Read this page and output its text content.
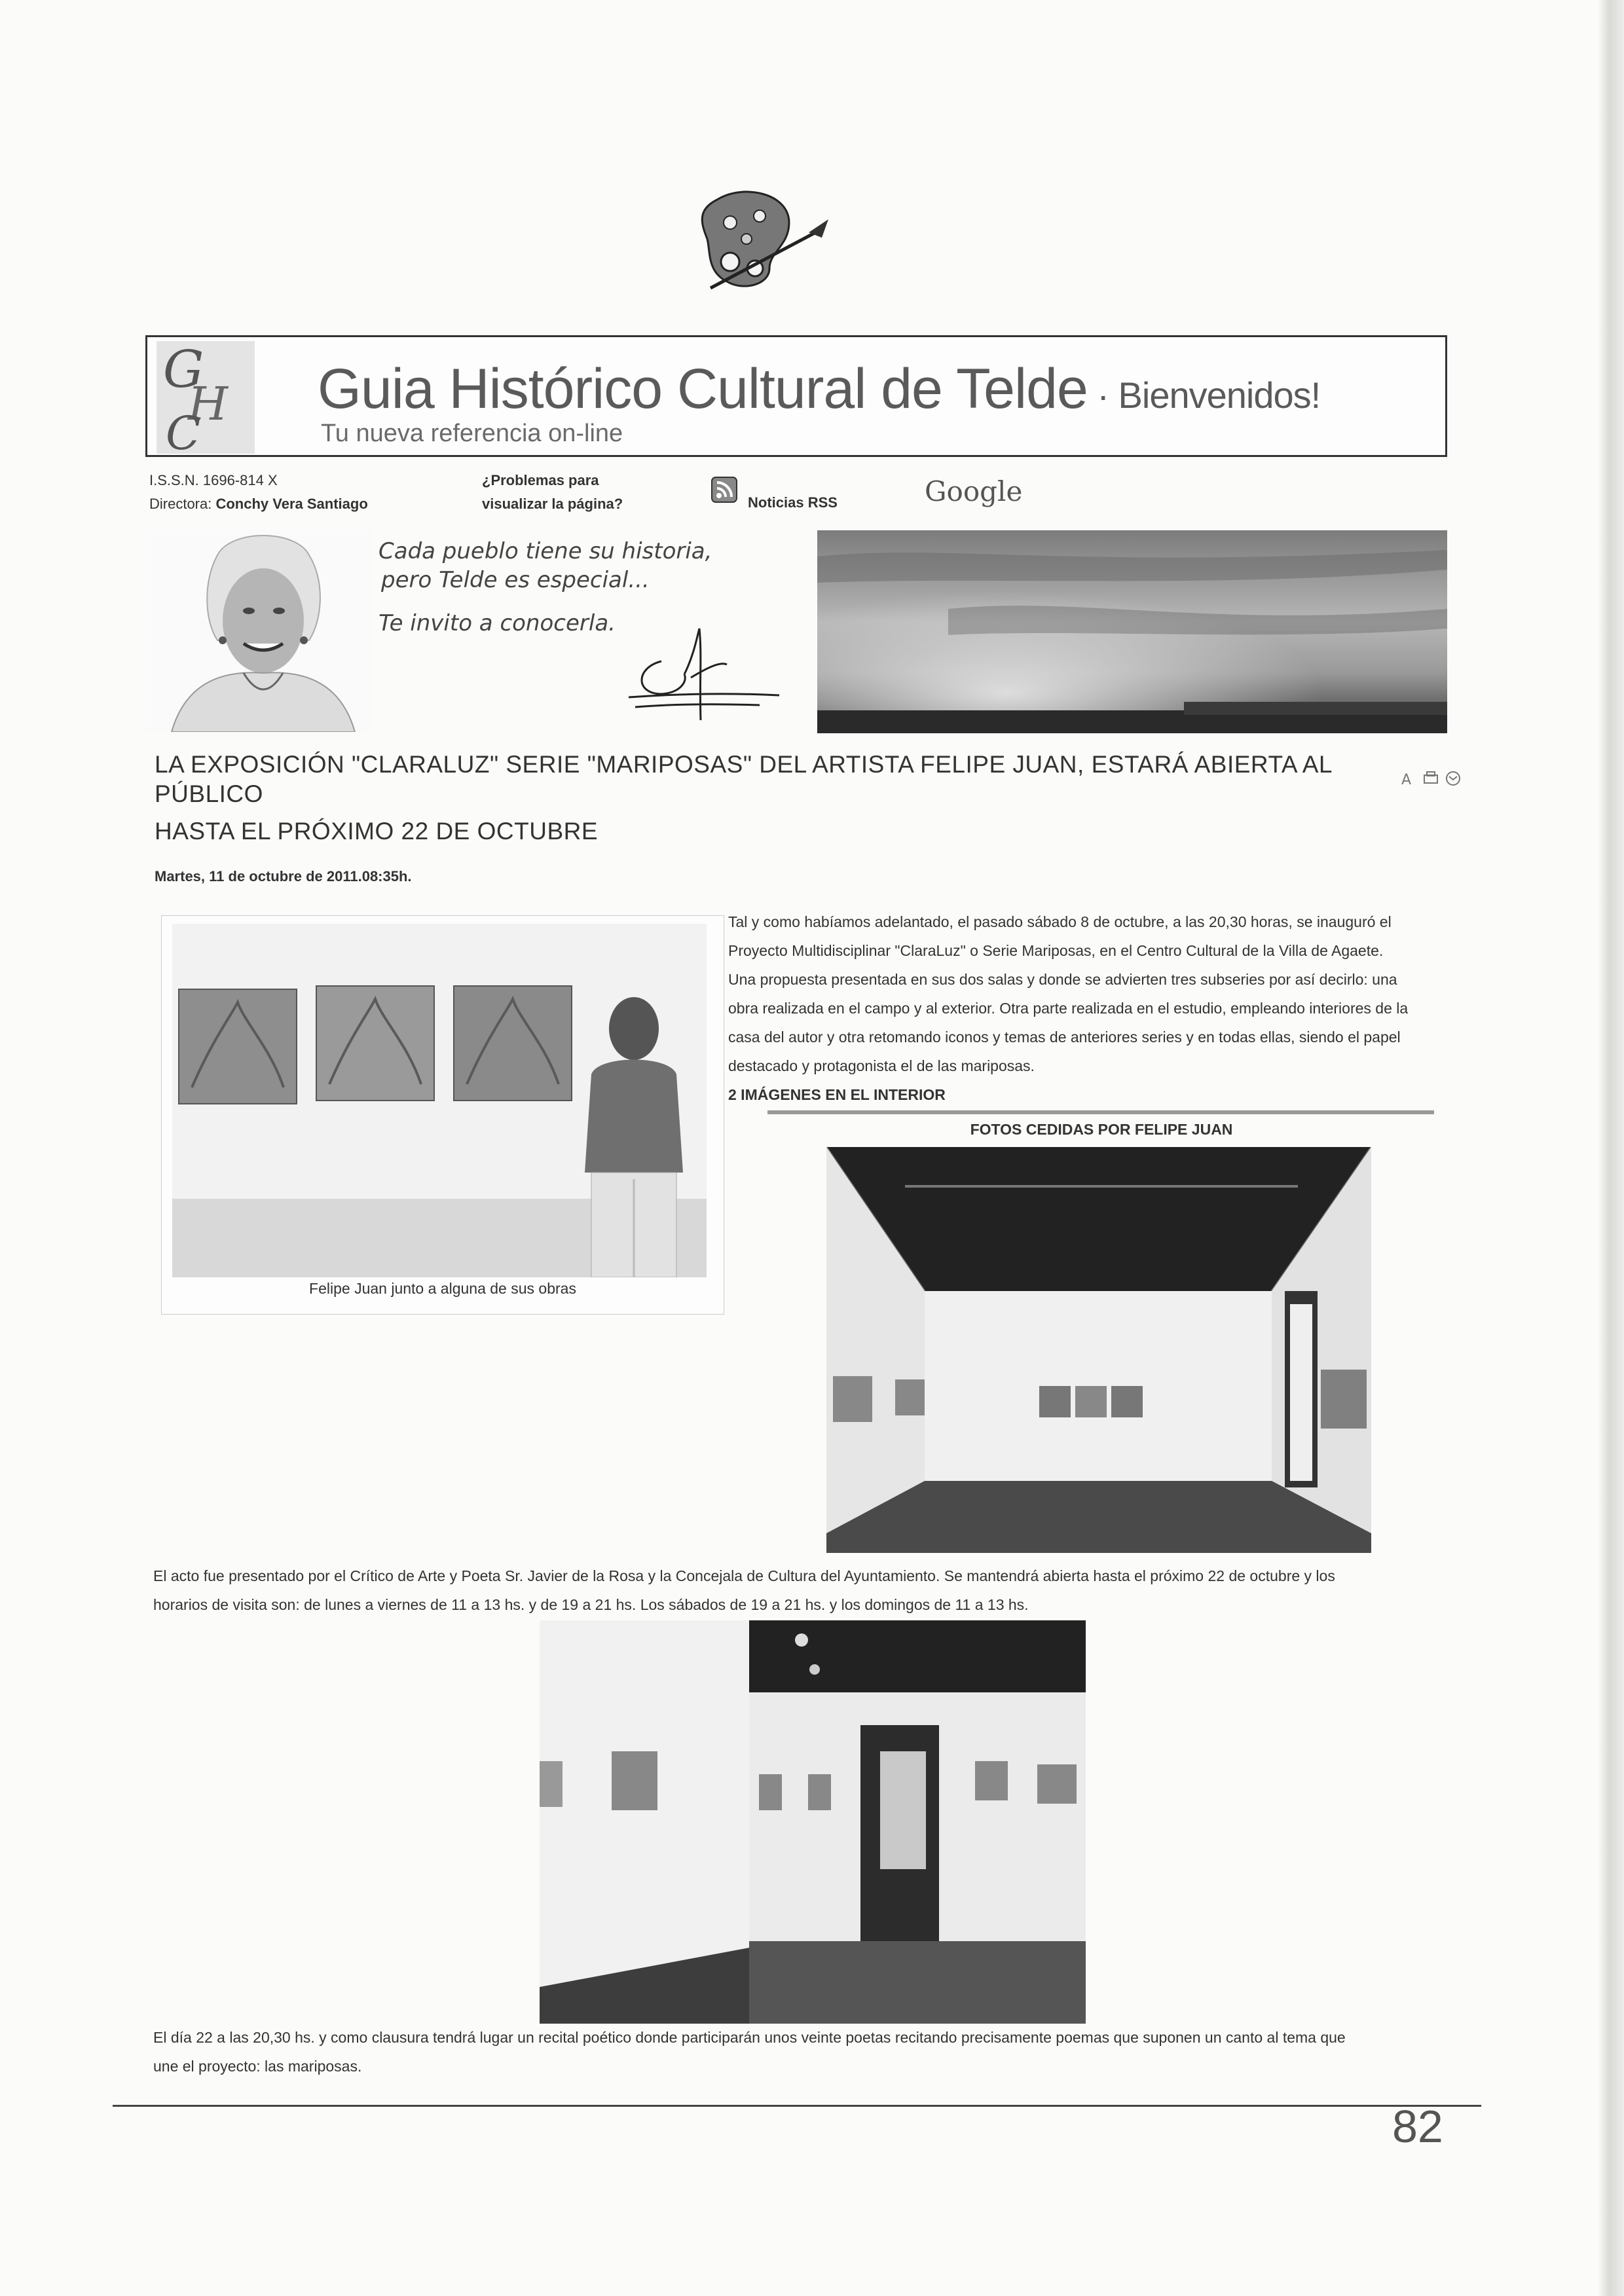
G
H
C
Guia Histórico Cultural de Telde · Bienvenidos!
Tu nueva referencia on-line
I.S.S.N. 1696-814 X
Directora: Conchy Vera Santiago
¿Problemas para
visualizar la página?	Noticias RSS	Google
Cada pueblo tiene su historia,
pero Telde es especial...
Te invito a conocerla.
LA EXPOSICIÓN "CLARALUZ" SERIE "MARIPOSAS" DEL ARTISTA FELIPE JUAN, ESTARÁ ABIERTA AL
PÚBLICO
HASTA EL PRÓXIMO 22 DE OCTUBRE
A
Martes, 11 de octubre de 2011.08:35h.
Felipe Juan junto a alguna de sus obras
Tal y como habíamos adelantado, el pasado sábado 8 de octubre, a las 20,30 horas, se inauguró el
Proyecto Multidisciplinar "ClaraLuz" o Serie Mariposas, en el Centro Cultural de la Villa de Agaete.
Una propuesta presentada en sus dos salas y donde se advierten tres subseries por así decirlo: una
obra realizada en el campo y al exterior. Otra parte realizada en el estudio, empleando interiores de la
casa del autor y otra retomando iconos y temas de anteriores series y en todas ellas, siendo el papel
destacado y protagonista el de las mariposas.
2 IMÁGENES EN EL INTERIOR
FOTOS CEDIDAS POR FELIPE JUAN
El acto fue presentado por el Crítico de Arte y Poeta Sr. Javier de la Rosa y la Concejala de Cultura del Ayuntamiento. Se mantendrá abierta hasta el próximo 22 de octubre y los
horarios de visita son: de lunes a viernes de 11 a 13 hs. y de 19 a 21 hs. Los sábados de 19 a 21 hs. y los domingos de 11 a 13 hs.
El día 22 a las 20,30 hs. y como clausura tendrá lugar un recital poético donde participarán unos veinte poetas recitando precisamente poemas que suponen un canto al tema que
une el proyecto: las mariposas.
82
